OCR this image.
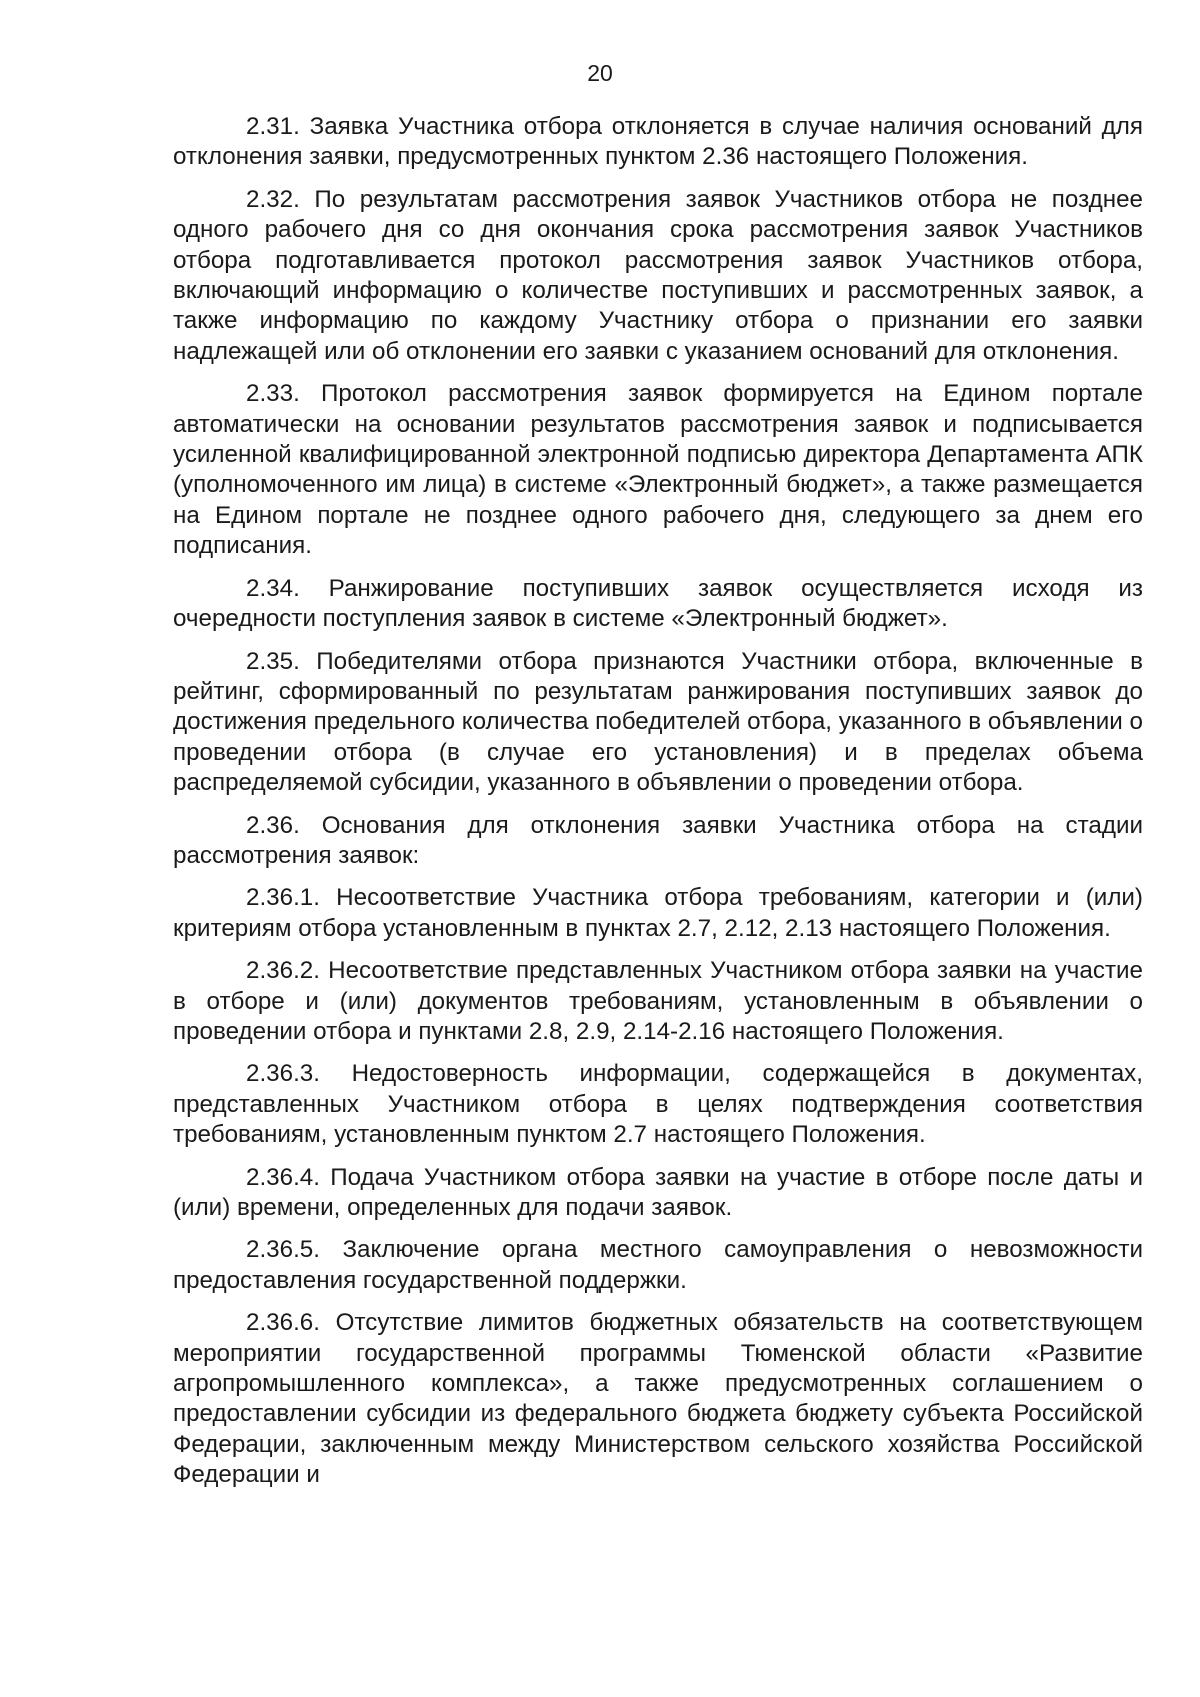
20

2.31. Заявка Участника отбора отклоняется в случае наличия оснований для отклонения заявки, предусмотренных пунктом 2.36 настоящего Положения.

2.32. По результатам рассмотрения заявок Участников отбора не позднее одного рабочего дня со дня окончания срока рассмотрения заявок Участников отбора подготавливается протокол рассмотрения заявок Участников отбора, включающий информацию о количестве поступивших и рассмотренных заявок, а также информацию по каждому Участнику отбора о признании его заявки надлежащей или об отклонении его заявки с указанием оснований для отклонения.

2.33. Протокол рассмотрения заявок формируется на Едином портале автоматически на основании результатов рассмотрения заявок и подписывается усиленной квалифицированной электронной подписью директора Департамента АПК (уполномоченного им лица) в системе «Электронный бюджет», а также размещается на Едином портале не позднее одного рабочего дня, следующего за днем его подписания.

2.34. Ранжирование поступивших заявок осуществляется исходя из очередности поступления заявок в системе «Электронный бюджет».

2.35. Победителями отбора признаются Участники отбора, включенные в рейтинг, сформированный по результатам ранжирования поступивших заявок до достижения предельного количества победителей отбора, указанного в объявлении о проведении отбора (в случае его установления) и в пределах объема распределяемой субсидии, указанного в объявлении о проведении отбора.

2.36. Основания для отклонения заявки Участника отбора на стадии рассмотрения заявок:

2.36.1. Несоответствие Участника отбора требованиям, категории и (или) критериям отбора установленным в пунктах 2.7, 2.12, 2.13 настоящего Положения.

2.36.2. Несоответствие представленных Участником отбора заявки на участие в отборе и (или) документов требованиям, установленным в объявлении о проведении отбора и пунктами 2.8, 2.9, 2.14-2.16 настоящего Положения.

2.36.3. Недостоверность информации, содержащейся в документах, представленных Участником отбора в целях подтверждения соответствия требованиям, установленным пунктом 2.7 настоящего Положения.

2.36.4. Подача Участником отбора заявки на участие в отборе после даты и (или) времени, определенных для подачи заявок.

2.36.5. Заключение органа местного самоуправления о невозможности предоставления государственной поддержки.

2.36.6. Отсутствие лимитов бюджетных обязательств на соответствующем мероприятии государственной программы Тюменской области «Развитие агропромышленного комплекса», а также предусмотренных соглашением о предоставлении субсидии из федерального бюджета бюджету субъекта Российской Федерации, заключенным между Министерством сельского хозяйства Российской Федерации и
